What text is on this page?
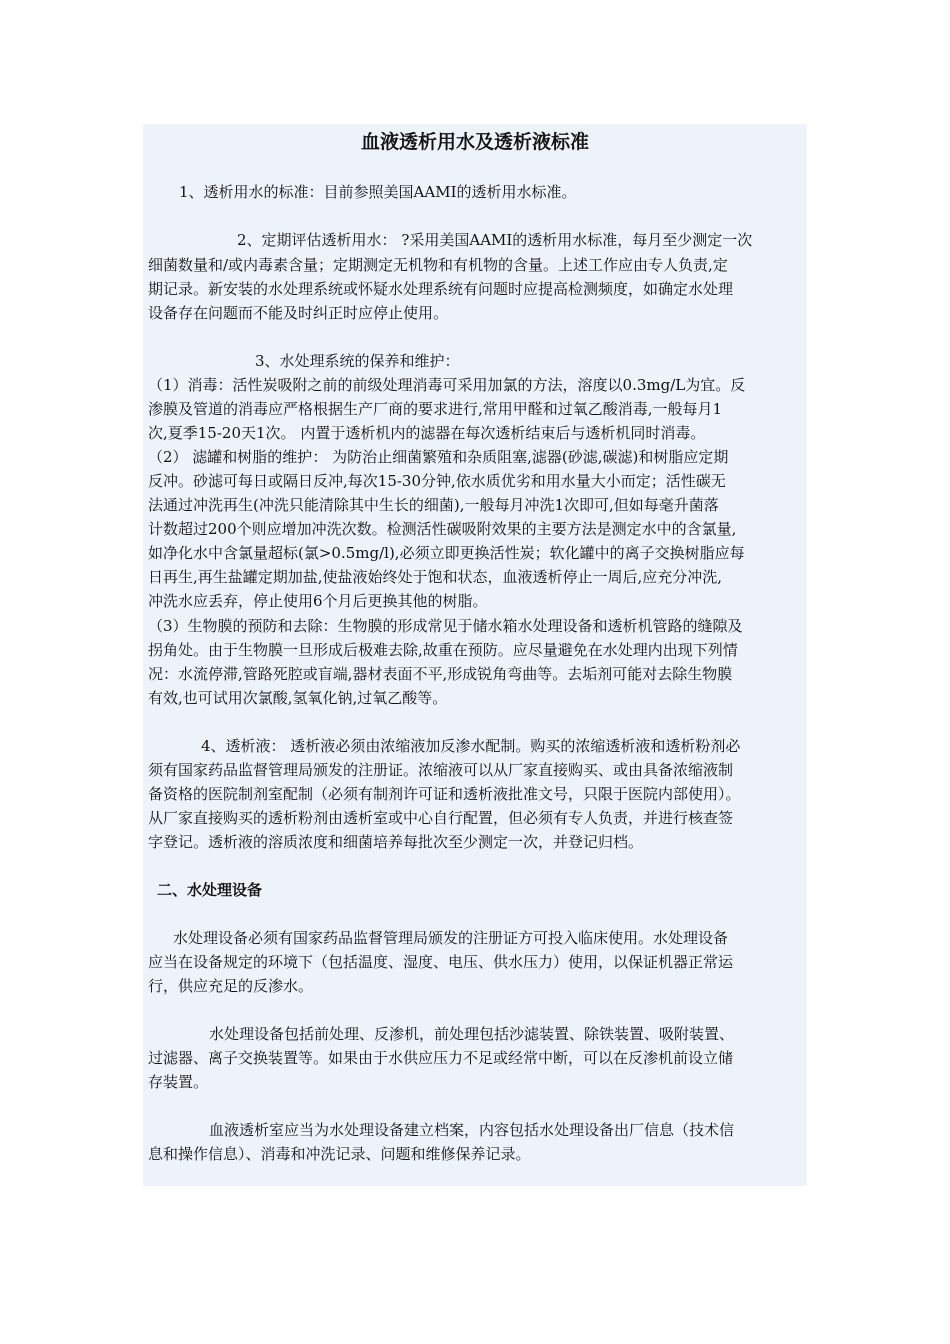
血液透析用水及透析液标准
1、透析用水的标准：目前参照美国AAMI的透析用水标准。
2、定期评估透析用水： ?采用美国AAMI的透析用水标准，每月至少测定一次
细菌数量和/或内毒素含量；定期测定无机物和有机物的含量。上述工作应由专人负责,定
期记录。新安装的水处理系统或怀疑水处理系统有问题时应提高检测频度，如确定水处理
设备存在问题而不能及时纠正时应停止使用。
3、水处理系统的保养和维护：
（1）消毒：活性炭吸附之前的前级处理消毒可采用加氯的方法，溶度以0.3mg/L为宜。反
渗膜及管道的消毒应严格根据生产厂商的要求进行,常用甲醛和过氧乙酸消毒,一般每月1
次,夏季15-20天1次。 内置于透析机内的滤器在每次透析结束后与透析机同时消毒。
（2） 滤罐和树脂的维护： 为防治止细菌繁殖和杂质阻塞,滤器(砂滤,碳滤)和树脂应定期
反冲。砂滤可每日或隔日反冲,每次15-30分钟,依水质优劣和用水量大小而定；活性碳无
法通过冲洗再生(冲洗只能清除其中生长的细菌),一般每月冲洗1次即可,但如每毫升菌落
计数超过200个则应增加冲洗次数。检测活性碳吸附效果的主要方法是测定水中的含氯量,
如净化水中含氯量超标(氯>0.5mg/l),必须立即更换活性炭；软化罐中的离子交换树脂应每
日再生,再生盐罐定期加盐,使盐液始终处于饱和状态，血液透析停止一周后,应充分冲洗,
冲洗水应丢弃，停止使用6个月后更换其他的树脂。
（3）生物膜的预防和去除：生物膜的形成常见于储水箱水处理设备和透析机管路的缝隙及
拐角处。由于生物膜一旦形成后极难去除,故重在预防。应尽量避免在水处理内出现下列情
况：水流停滞,管路死腔或盲端,器材表面不平,形成锐角弯曲等。去垢剂可能对去除生物膜
有效,也可试用次氯酸,氢氧化钠,过氧乙酸等。
4、透析液： 透析液必须由浓缩液加反渗水配制。购买的浓缩透析液和透析粉剂必
须有国家药品监督管理局颁发的注册证。浓缩液可以从厂家直接购买、或由具备浓缩液制
备资格的医院制剂室配制（必须有制剂许可证和透析液批准文号，只限于医院内部使用）。
从厂家直接购买的透析粉剂由透析室或中心自行配置，但必须有专人负责，并进行核查签
字登记。透析液的溶质浓度和细菌培养每批次至少测定一次，并登记归档。
二、水处理设备
水处理设备必须有国家药品监督管理局颁发的注册证方可投入临床使用。水处理设备
应当在设备规定的环境下（包括温度、湿度、电压、供水压力）使用，以保证机器正常运
行，供应充足的反渗水。
水处理设备包括前处理、反渗机，前处理包括沙滤装置、除铁装置、吸附装置、
过滤器、离子交换装置等。如果由于水供应压力不足或经常中断，可以在反渗机前设立储
存装置。
血液透析室应当为水处理设备建立档案，内容包括水处理设备出厂信息（技术信
息和操作信息）、消毒和冲洗记录、问题和维修保养记录。
